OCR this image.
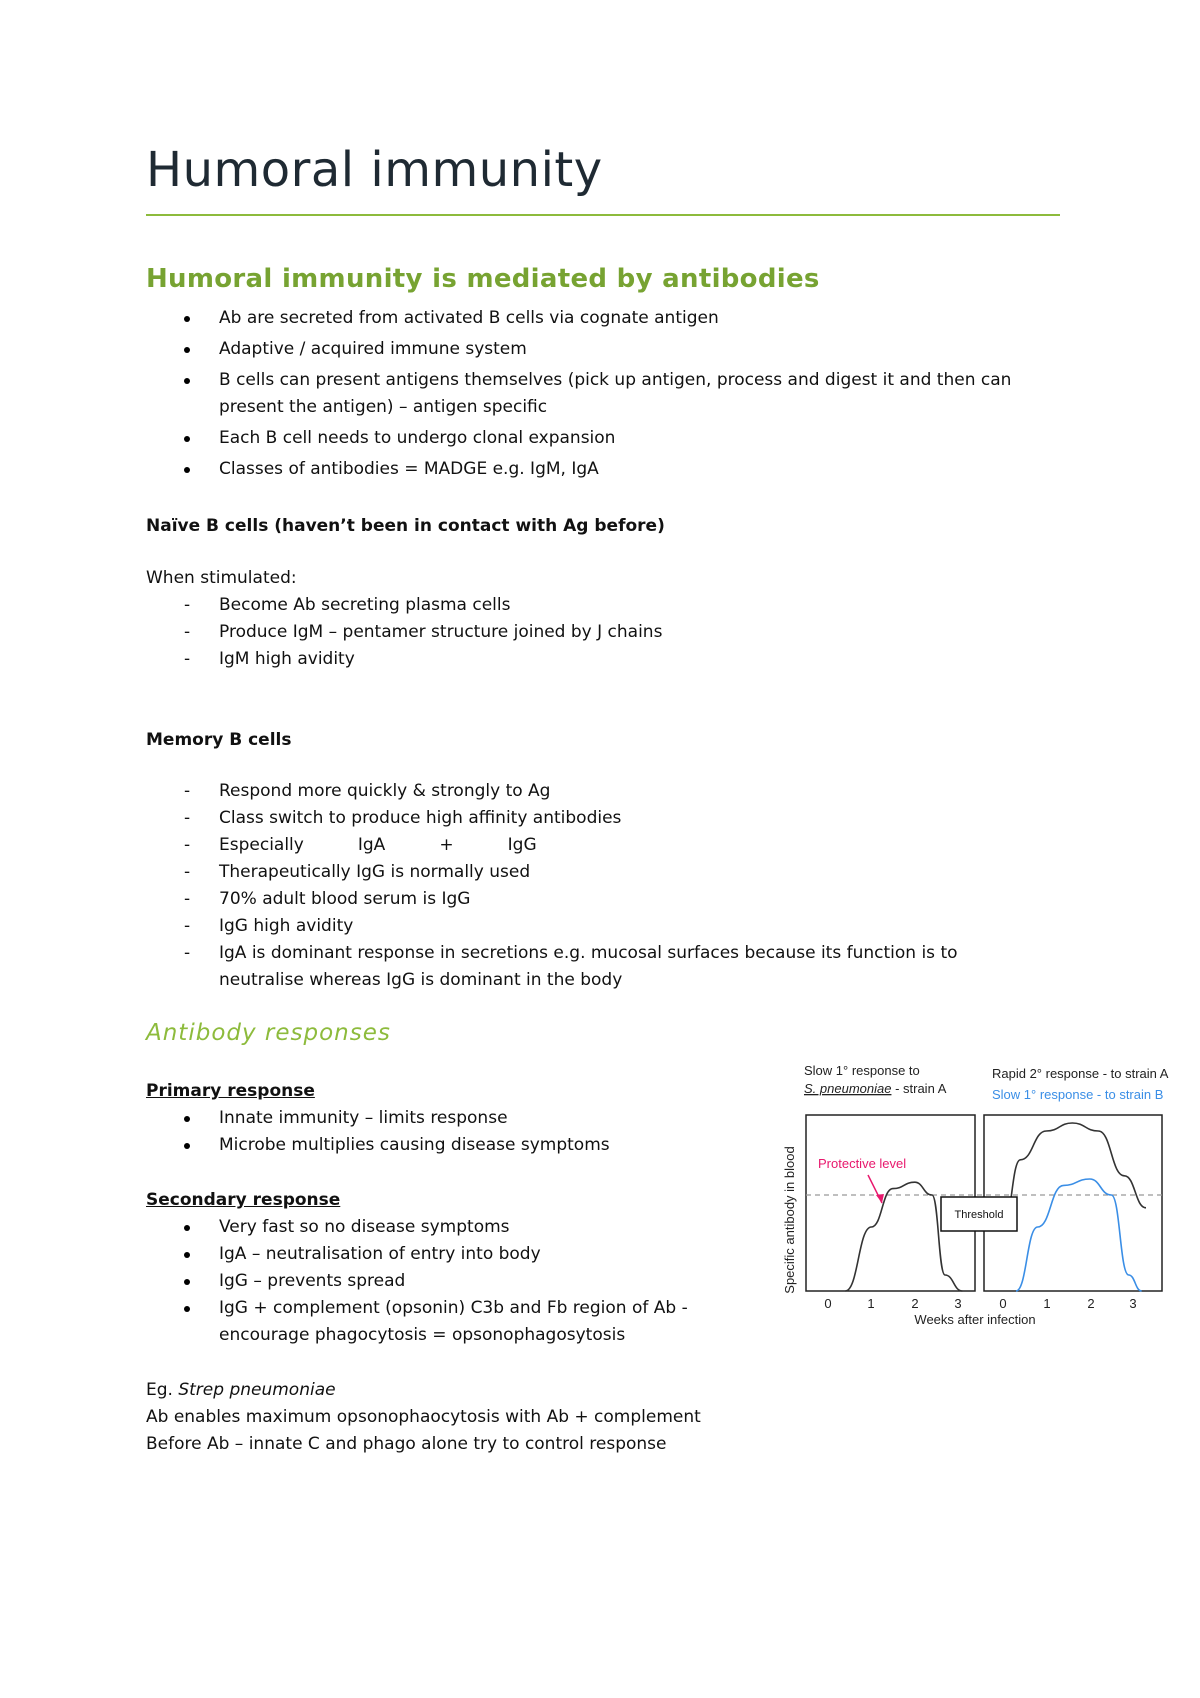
Humoral immunity
Humoral immunity is mediated by antibodies
Ab are secreted from activated B cells via cognate antigen
Adaptive / acquired immune system
B cells can present antigens themselves (pick up antigen, process and digest it and then can present the antigen) – antigen specific
Each B cell needs to undergo clonal expansion
Classes of antibodies = MADGE e.g. IgM, IgA
Naïve B cells (haven’t been in contact with Ag before)
When stimulated:
- Become Ab secreting plasma cells
- Produce IgM – pentamer structure joined by J chains
- IgM high avidity
Memory B cells
- Respond more quickly & strongly to Ag
- Class switch to produce high affinity antibodies
- Especially          IgA          +          IgG
- Therapeutically IgG is normally used
- 70% adult blood serum is IgG
- IgG high avidity
- IgA is dominant response in secretions e.g. mucosal surfaces because its function is to neutralise whereas IgG is dominant in the body
Antibody responses
Primary response
Innate immunity – limits response
Microbe multiplies causing disease symptoms
Secondary response
Very fast so no disease symptoms
IgA – neutralisation of entry into body
IgG – prevents spread
IgG + complement (opsonin) C3b and Fb region of Ab - encourage phagocytosis = opsonophagosytosis
Eg. Strep pneumoniae
Ab enables maximum opsonophaocytosis with Ab + complement
Before Ab – innate C and phago alone try to control response
Slow 1° response to
S. pneumoniae - strain A
Rapid 2° response - to strain A
Slow 1° response - to strain B
Specific antibody in blood
Weeks after infection
0	1	2	3	0	1	2	3
Protective level
Threshold
